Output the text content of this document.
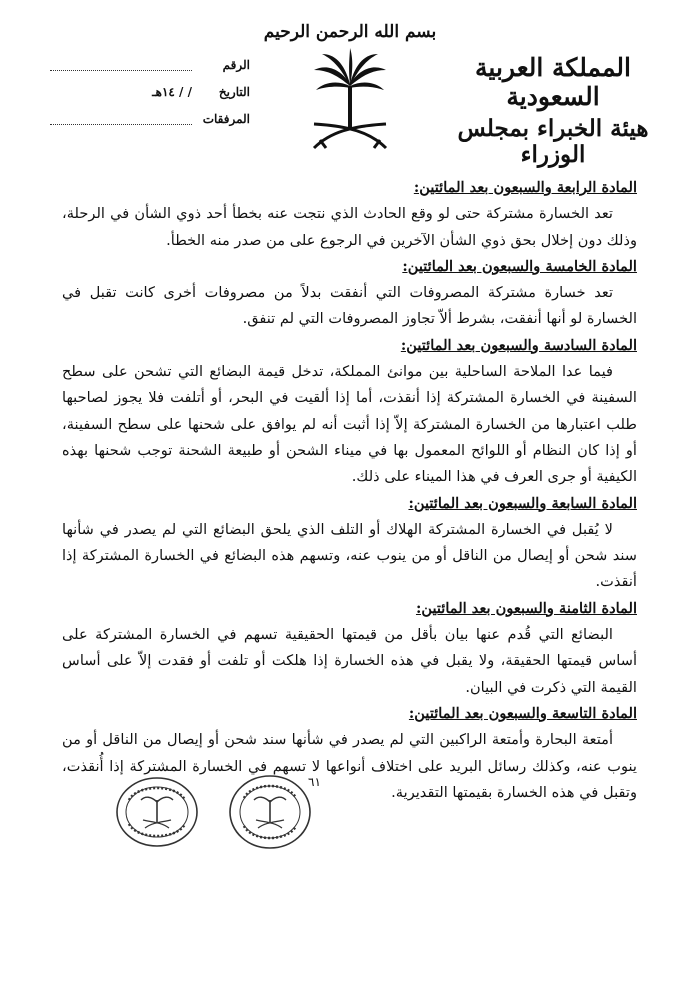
بسم الله الرحمن الرحيم
المملكة العربية السعودية
هيئة الخبراء بمجلس الوزراء
الرقم
التاريخ
/ / ١٤هـ
المرفقات

المادة الرابعة والسبعون بعد المائتين:

تعد الخسارة مشتركة حتى لو وقع الحادث الذي نتجت عنه بخطأ أحد ذوي الشأن في الرحلة، وذلك دون إخلال بحق ذوي الشأن الآخرين في الرجوع على من صدر منه الخطأ.

المادة الخامسة والسبعون بعد المائتين:

تعد خسارة مشتركة المصروفات التي أنفقت بدلاً من مصروفات أخرى كانت تقبل في الخسارة لو أنها أنفقت، بشرط ألاّ تجاوز المصروفات التي لم تنفق.

المادة السادسة والسبعون بعد المائتين:

فيما عدا الملاحة الساحلية بين موانئ المملكة، تدخل قيمة البضائع التي تشحن على سطح السفينة في الخسارة المشتركة إذا أنقذت، أما إذا ألقيت في البحر، أو أتلفت فلا يجوز لصاحبها طلب اعتبارها من الخسارة المشتركة إلاّ إذا أثبت أنه لم يوافق على شحنها على سطح السفينة، أو إذا كان النظام أو اللوائح المعمول بها في ميناء الشحن أو طبيعة الشحنة توجب شحنها بهذه الكيفية أو جرى العرف في هذا الميناء على ذلك.

المادة السابعة والسبعون بعد المائتين:

لا يُقبل في الخسارة المشتركة الهلاك أو التلف الذي يلحق البضائع التي لم يصدر في شأنها سند شحن أو إيصال من الناقل أو من ينوب عنه، وتسهم هذه البضائع في الخسارة المشتركة إذا أنقذت.

المادة الثامنة والسبعون بعد المائتين:

البضائع التي قُدم عنها بيان بأقل من قيمتها الحقيقية تسهم في الخسارة المشتركة على أساس قيمتها الحقيقة، ولا يقبل في هذه الخسارة إذا هلكت أو تلفت أو فقدت إلاّ على أساس القيمة التي ذكرت في البيان.

المادة التاسعة والسبعون بعد المائتين:

أمتعة البحارة وأمتعة الراكبين التي لم يصدر في شأنها سند شحن أو إيصال من الناقل أو من ينوب عنه، وكذلك رسائل البريد على اختلاف أنواعها لا تسهم في الخسارة المشتركة إذا أُنقذت، وتقبل في هذه الخسارة بقيمتها التقديرية.

٦١
